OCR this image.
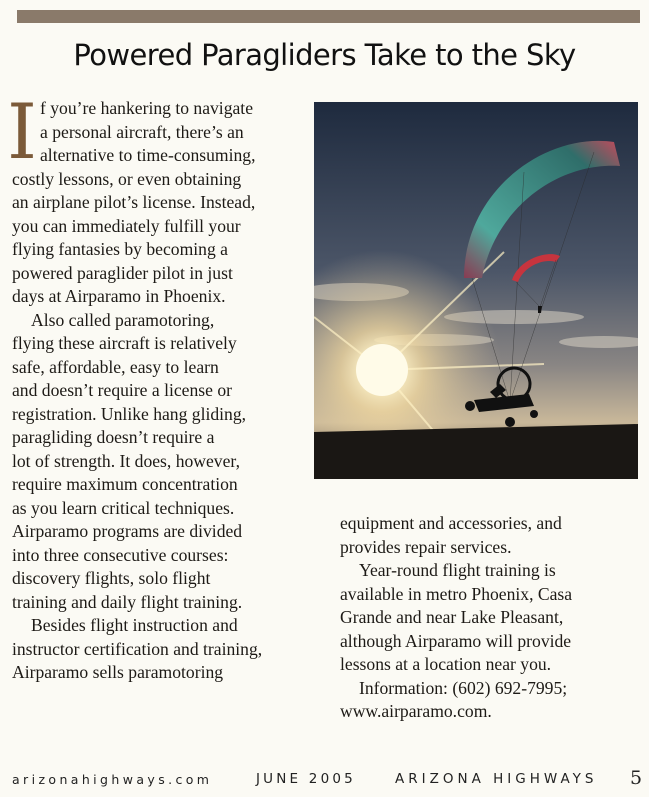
Powered Paragliders Take to the Sky
I f you’re hankering to navigate

a personal aircraft, there’s an

alternative to time-consuming,

costly lessons, or even obtaining

an airplane pilot’s license. Instead,

you can immediately fulfill your

flying fantasies by becoming a

powered paraglider pilot in just

days at Airparamo in Phoenix.

Also called paramotoring,

flying these aircraft is relatively

safe, affordable, easy to learn

and doesn’t require a license or

registration. Unlike hang gliding,

paragliding doesn’t require a

lot of strength. It does, however,

require maximum concentration

as you learn critical techniques.

Airparamo programs are divided

into three consecutive courses:

discovery flights, solo flight

training and daily flight training.

Besides flight instruction and

instructor certification and training,

Airparamo sells paramotoring

equipment and accessories, and

provides repair services.

Year-round flight training is

available in metro Phoenix, Casa

Grande and near Lake Pleasant,

although Airparamo will provide

lessons at a location near you.

Information: (602) 692-7995;

www.airparamo.com.

arizonahighways.com	JUNE 2005	ARIZONA HIGHWAYS 5
